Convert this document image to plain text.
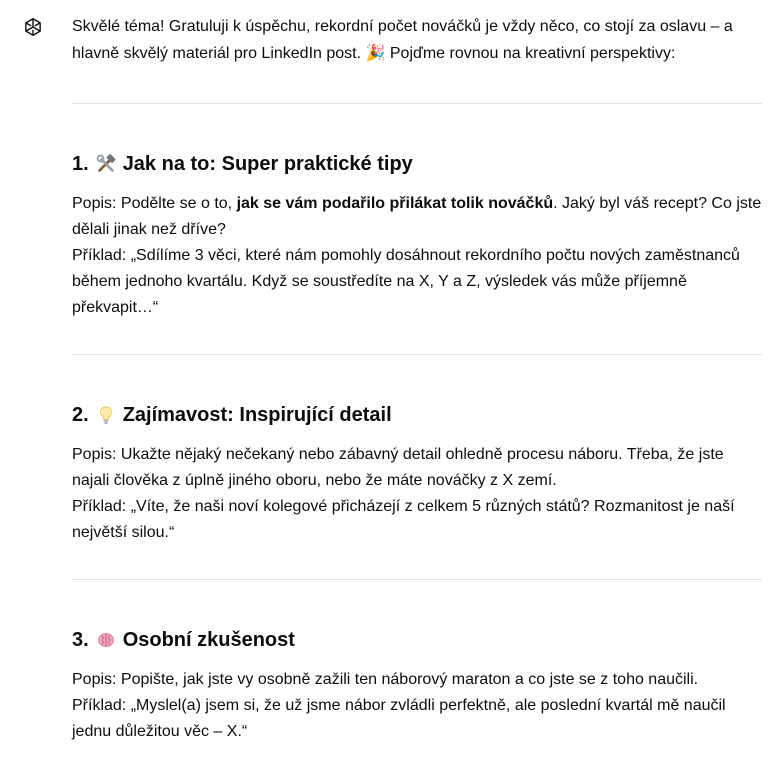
Skvělé téma! Gratuluji k úspěchu, rekordní počet nováčků je vždy něco, co stojí za oslavu – a
hlavně skvělý materiál pro LinkedIn post. 🎉 Pojďme rovnou na kreativní perspektivy:

1. Jak na to: Super praktické tipy

Popis: Podělte se o to, jak se vám podařilo přilákat tolik nováčků. Jaký byl váš recept? Co jste dělali jinak než dříve?
Příklad: „Sdílíme 3 věci, které nám pomohly dosáhnout rekordního počtu nových zaměstnanců během jednoho kvartálu. Když se soustředíte na X, Y a Z, výsledek vás může příjemně překvapit…“

2. Zajímavost: Inspirující detail

Popis: Ukažte nějaký nečekaný nebo zábavný detail ohledně procesu náboru. Třeba, že jste najali člověka z úplně jiného oboru, nebo že máte nováčky z X zemí.
Příklad: „Víte, že naši noví kolegové přicházejí z celkem 5 různých států? Rozmanitost je naší největší silou.“

3. Osobní zkušenost

Popis: Popište, jak jste vy osobně zažili ten náborový maraton a co jste se z toho naučili.
Příklad: „Myslel(a) jsem si, že už jsme nábor zvládli perfektně, ale poslední kvartál mě naučil jednu důležitou věc – X.“
